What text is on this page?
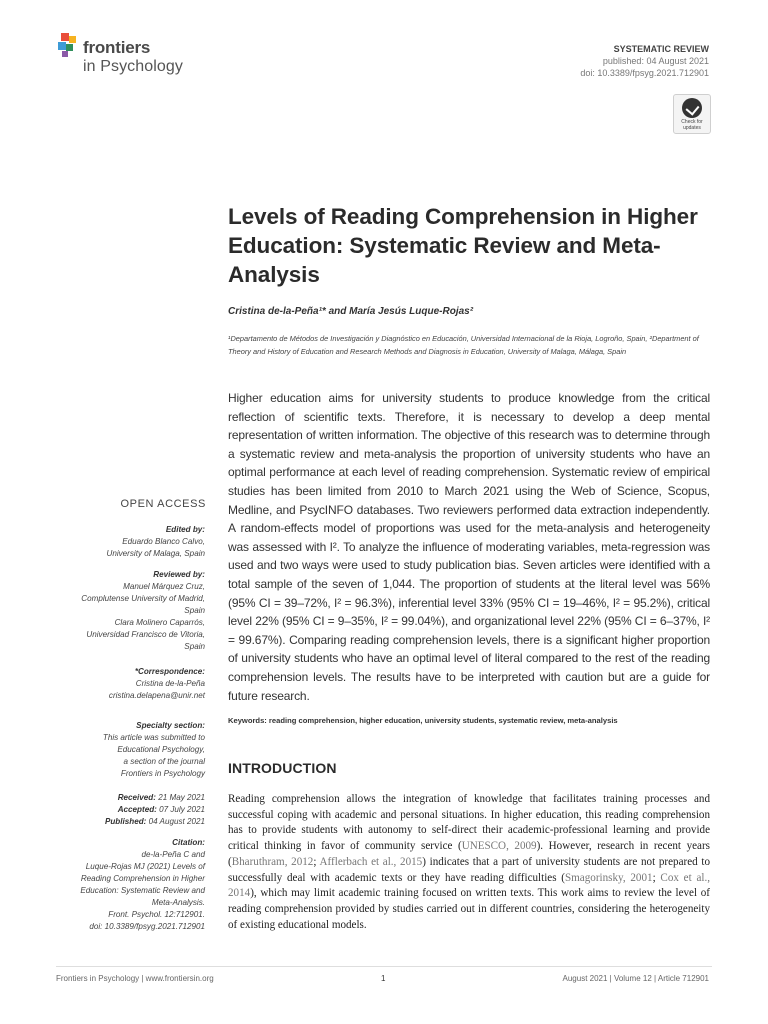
frontiers
in Psychology
SYSTEMATIC REVIEW
published: 04 August 2021
doi: 10.3389/fpsyg.2021.712901
Check for
updates
Levels of Reading Comprehension in Higher Education: Systematic Review and Meta-Analysis
Cristina de-la-Peña¹* and María Jesús Luque-Rojas²
¹Departamento de Métodos de Investigación y Diagnóstico en Educación, Universidad Internacional de la Rioja, Logroño, Spain, ²Department of Theory and History of Education and Research Methods and Diagnosis in Education, University of Malaga, Málaga, Spain
Higher education aims for university students to produce knowledge from the critical reflection of scientific texts. Therefore, it is necessary to develop a deep mental representation of written information. The objective of this research was to determine through a systematic review and meta-analysis the proportion of university students who have an optimal performance at each level of reading comprehension. Systematic review of empirical studies has been limited from 2010 to March 2021 using the Web of Science, Scopus, Medline, and PsycINFO databases. Two reviewers performed data extraction independently. A random-effects model of proportions was used for the meta-analysis and heterogeneity was assessed with I². To analyze the influence of moderating variables, meta-regression was used and two ways were used to study publication bias. Seven articles were identified with a total sample of the seven of 1,044. The proportion of students at the literal level was 56% (95% CI = 39–72%, I² = 96.3%), inferential level 33% (95% CI = 19–46%, I² = 95.2%), critical level 22% (95% CI = 9–35%, I² = 99.04%), and organizational level 22% (95% CI = 6–37%, I² = 99.67%). Comparing reading comprehension levels, there is a significant higher proportion of university students who have an optimal level of literal compared to the rest of the reading comprehension levels. The results have to be interpreted with caution but are a guide for future research.
Keywords: reading comprehension, higher education, university students, systematic review, meta-analysis
INTRODUCTION
Reading comprehension allows the integration of knowledge that facilitates training processes and successful coping with academic and personal situations. In higher education, this reading comprehension has to provide students with autonomy to self-direct their academic-professional learning and provide critical thinking in favor of community service (UNESCO, 2009). However, research in recent years (Bharuthram, 2012; Afflerbach et al., 2015) indicates that a part of university students are not prepared to successfully deal with academic texts or they have reading difficulties (Smagorinsky, 2001; Cox et al., 2014), which may limit academic training focused on written texts. This work aims to review the level of reading comprehension provided by studies carried out in different countries, considering the heterogeneity of existing educational models.
OPEN ACCESS
Edited by:
Eduardo Blanco Calvo,
University of Malaga, Spain
Reviewed by:
Manuel Márquez Cruz,
Complutense University of Madrid,
Spain
Clara Molinero Caparrós,
Universidad Francisco de Vitoria,
Spain
*Correspondence:
Cristina de-la-Peña
cristina.delapena@unir.net
Specialty section:
This article was submitted to
Educational Psychology,
a section of the journal
Frontiers in Psychology
Received: 21 May 2021
Accepted: 07 July 2021
Published: 04 August 2021
Citation:
de-la-Peña C and
Luque-Rojas MJ (2021) Levels of
Reading Comprehension in Higher
Education: Systematic Review and
Meta-Analysis.
Front. Psychol. 12:712901.
doi: 10.3389/fpsyg.2021.712901
Frontiers in Psychology | www.frontiersin.org	1	August 2021 | Volume 12 | Article 712901
